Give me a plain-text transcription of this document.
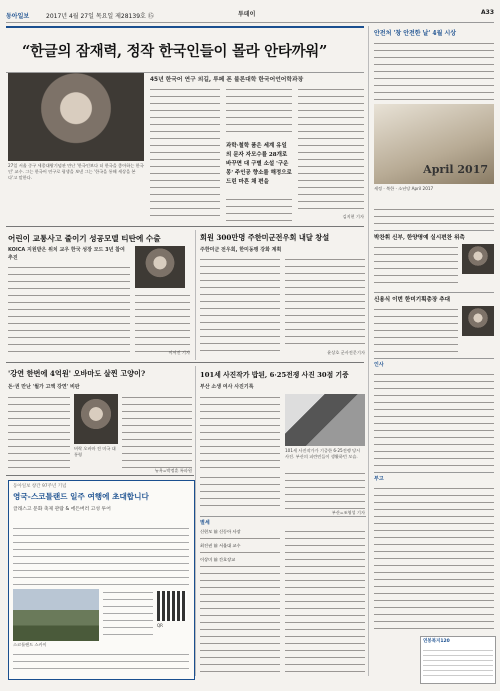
동아일보	2017년 4월 27일 목요일 제28139호 ⑮	투데이	A33
“한글의 잠재력, 정작 한국인들이 몰라 안타까워”
27일 서울 중구 세종대왕기념관 만난 '한국인보다 더 한국을 좋아하는 한국인' 교수. 그는 한국어 연구로 평생을 보낸 그는 '한국을 통해 세상을 본다'고 말한다.
45년 한국어 연구 외길, 루페 폰 불론대학 한국어언어학과장
과학·철학 품은 세계 유일의 문자 자모수를 28개로 바꾸면 대 구별 소설 '구운몽' 주인공 향소를 해정으로 드린 마흔 채 편을
김지현 기자
안전처 '창 안전한 날' 4월 시상
April 2017
세정 · 북한 · 소년당 April 2017
박찬휘 신부, 한양명예 실시편찬 위촉
신용식 이번 한미기획총장 추대
인사
부고
연봉복지120
어린이 교통사고 줄이기 성공모델 티탄에 수출
KOICA 지원받은 위치 교우 한국 성장 모드 3년 참여 추진
이서진 기자
회원 300만명 주한미군전우회 내달 창설
주한미군 전우회, 한미동맹 강화 계획
윤상호 군사전문기자
'강연 한번에 4억원' 오바마도 살찐 고양이?
돈·권 만난 '월가 고액 강연' 비판
버락 오바마 전 미국 대통령
뉴욕=박정훈 특파원
101세 사진작가 밥된, 6·25전쟁 사진 30점 기증
부산 소생 여사 사진기록
101세 사진작가가 기증한 6·25전쟁 당시 사진. 부산의 피란민들이 생활하던 모습.
부산=조영성 기자
동아일보 창간 97주년 기념
영국-스코틀랜드 일주 여행에 초대합니다
글래스고 문화 축제 관람 & 에든버러 고성 투어
스코틀랜드 스카이
QR
별세
신현모 前 신동아 사장
최진권 前 서울대 교수
이상미 前 간호장교
